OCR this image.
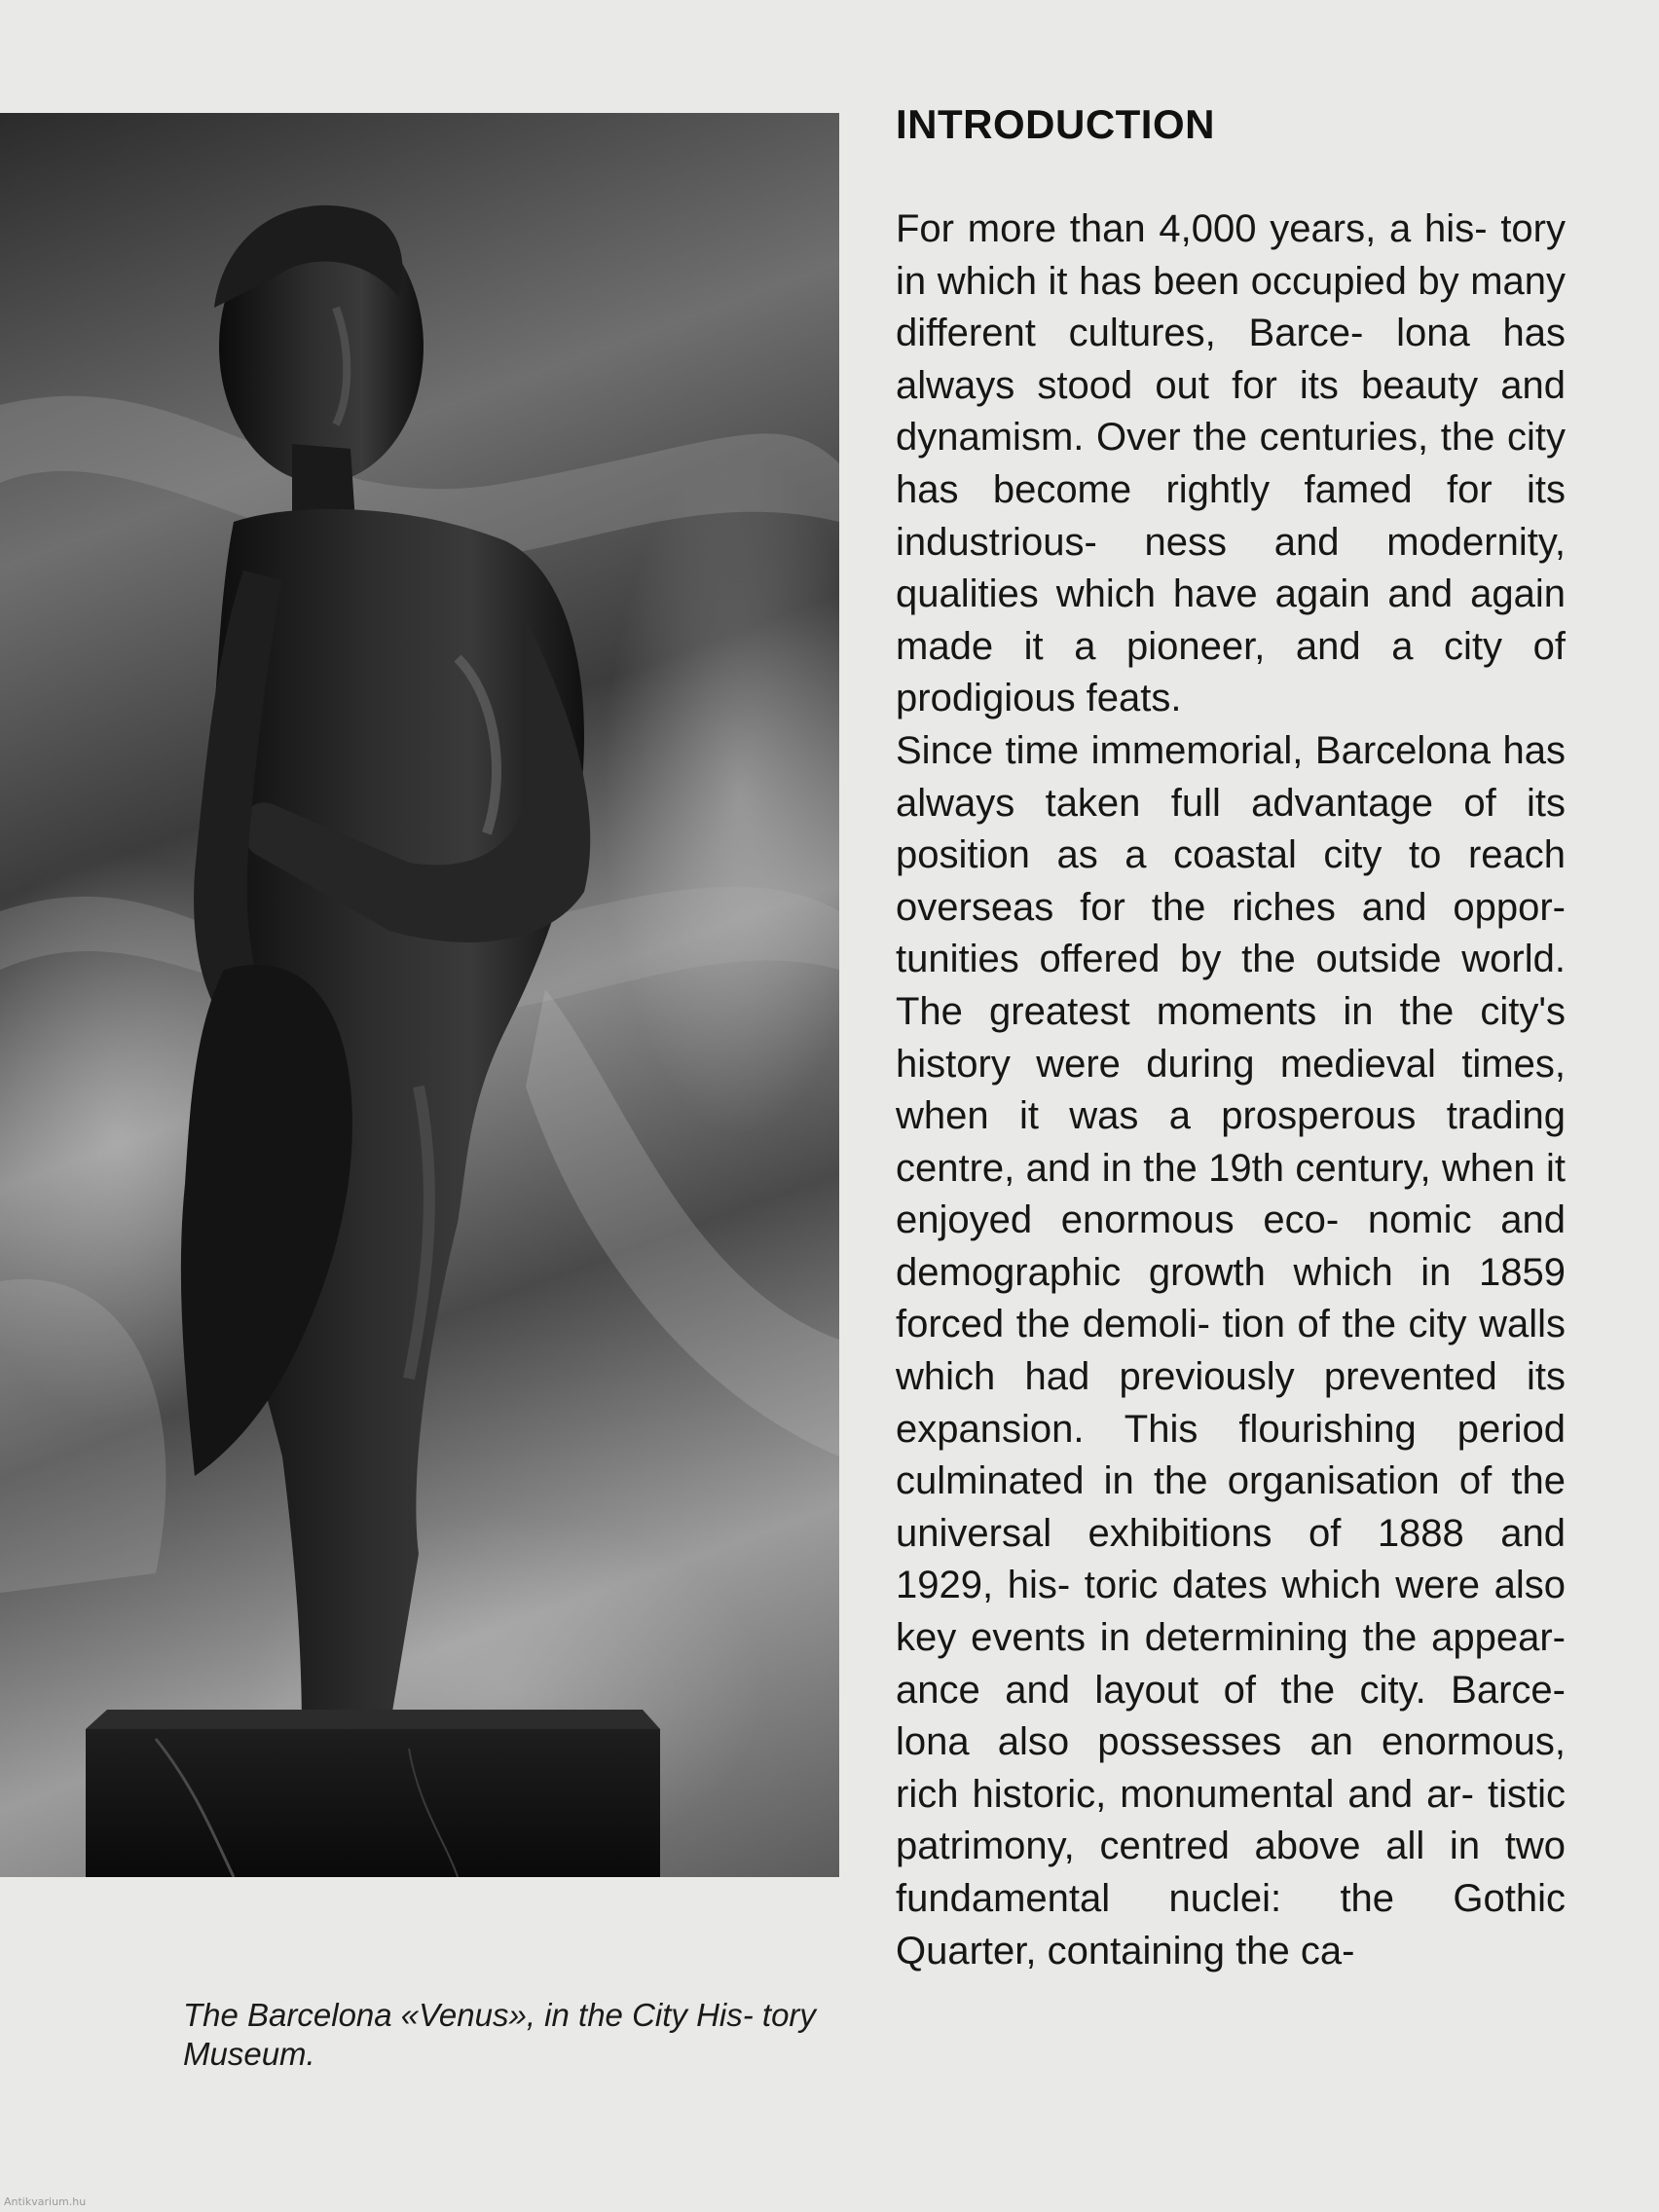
The Barcelona «Venus», in the City His- tory Museum.

INTRODUCTION

For more than 4,000 years, a his- tory in which it has been occupied by many different cultures, Barce- lona has always stood out for its beauty and dynamism. Over the centuries, the city has become rightly famed for its industrious- ness and modernity, qualities which have again and again made it a pioneer, and a city of prodigious feats.

Since time immemorial, Barcelona has always taken full advantage of its position as a coastal city to reach overseas for the riches and oppor- tunities offered by the outside world. The greatest moments in the city's history were during medieval times, when it was a prosperous trading centre, and in the 19th century, when it enjoyed enormous eco- nomic and demographic growth which in 1859 forced the demoli- tion of the city walls which had previously prevented its expansion. This flourishing period culminated in the organisation of the universal exhibitions of 1888 and 1929, his- toric dates which were also key events in determining the appear- ance and layout of the city. Barce- lona also possesses an enormous, rich historic, monumental and ar- tistic patrimony, centred above all in two fundamental nuclei: the Gothic Quarter, containing the ca-

Antikvarium.hu
